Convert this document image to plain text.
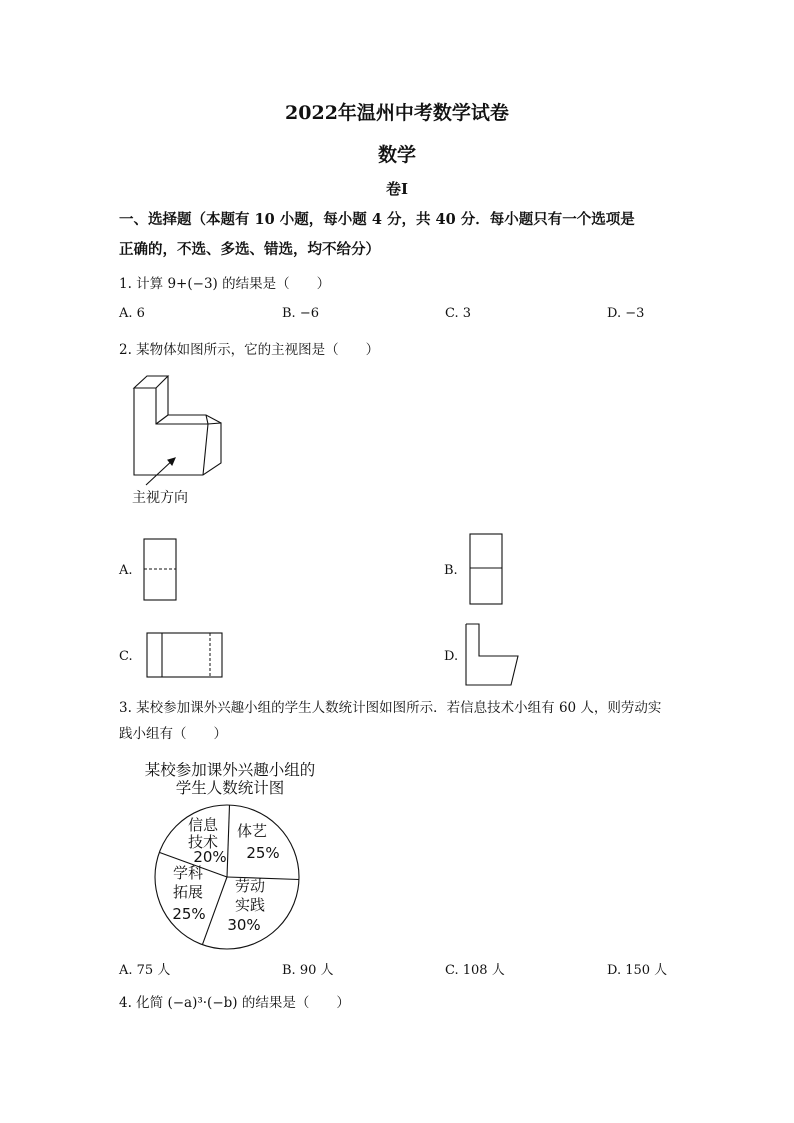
2022年温州中考数学试卷
数学
卷Ⅰ
一、选择题（本题有 10 小题，每小题 4 分，共 40 分．每小题只有一个选项是
正确的，不选、多选、错选，均不给分）
1. 计算 9+(−3) 的结果是（　　）
A. 6	B. −6	C. 3	D. −3
2. 某物体如图所示，它的主视图是（　　）
主视方向
A.	B.
C.	D.
3. 某校参加课外兴趣小组的学生人数统计图如图所示．若信息技术小组有 60 人，则劳动实
践小组有（　　）
某校参加课外兴趣小组的
学生人数统计图
信息
技术
20%
体艺
25%
劳动
实践
30%
学科
拓展
25%
A. 75 人	B. 90 人	C. 108 人	D. 150 人
4. 化简 (−a)³·(−b) 的结果是（　　）
